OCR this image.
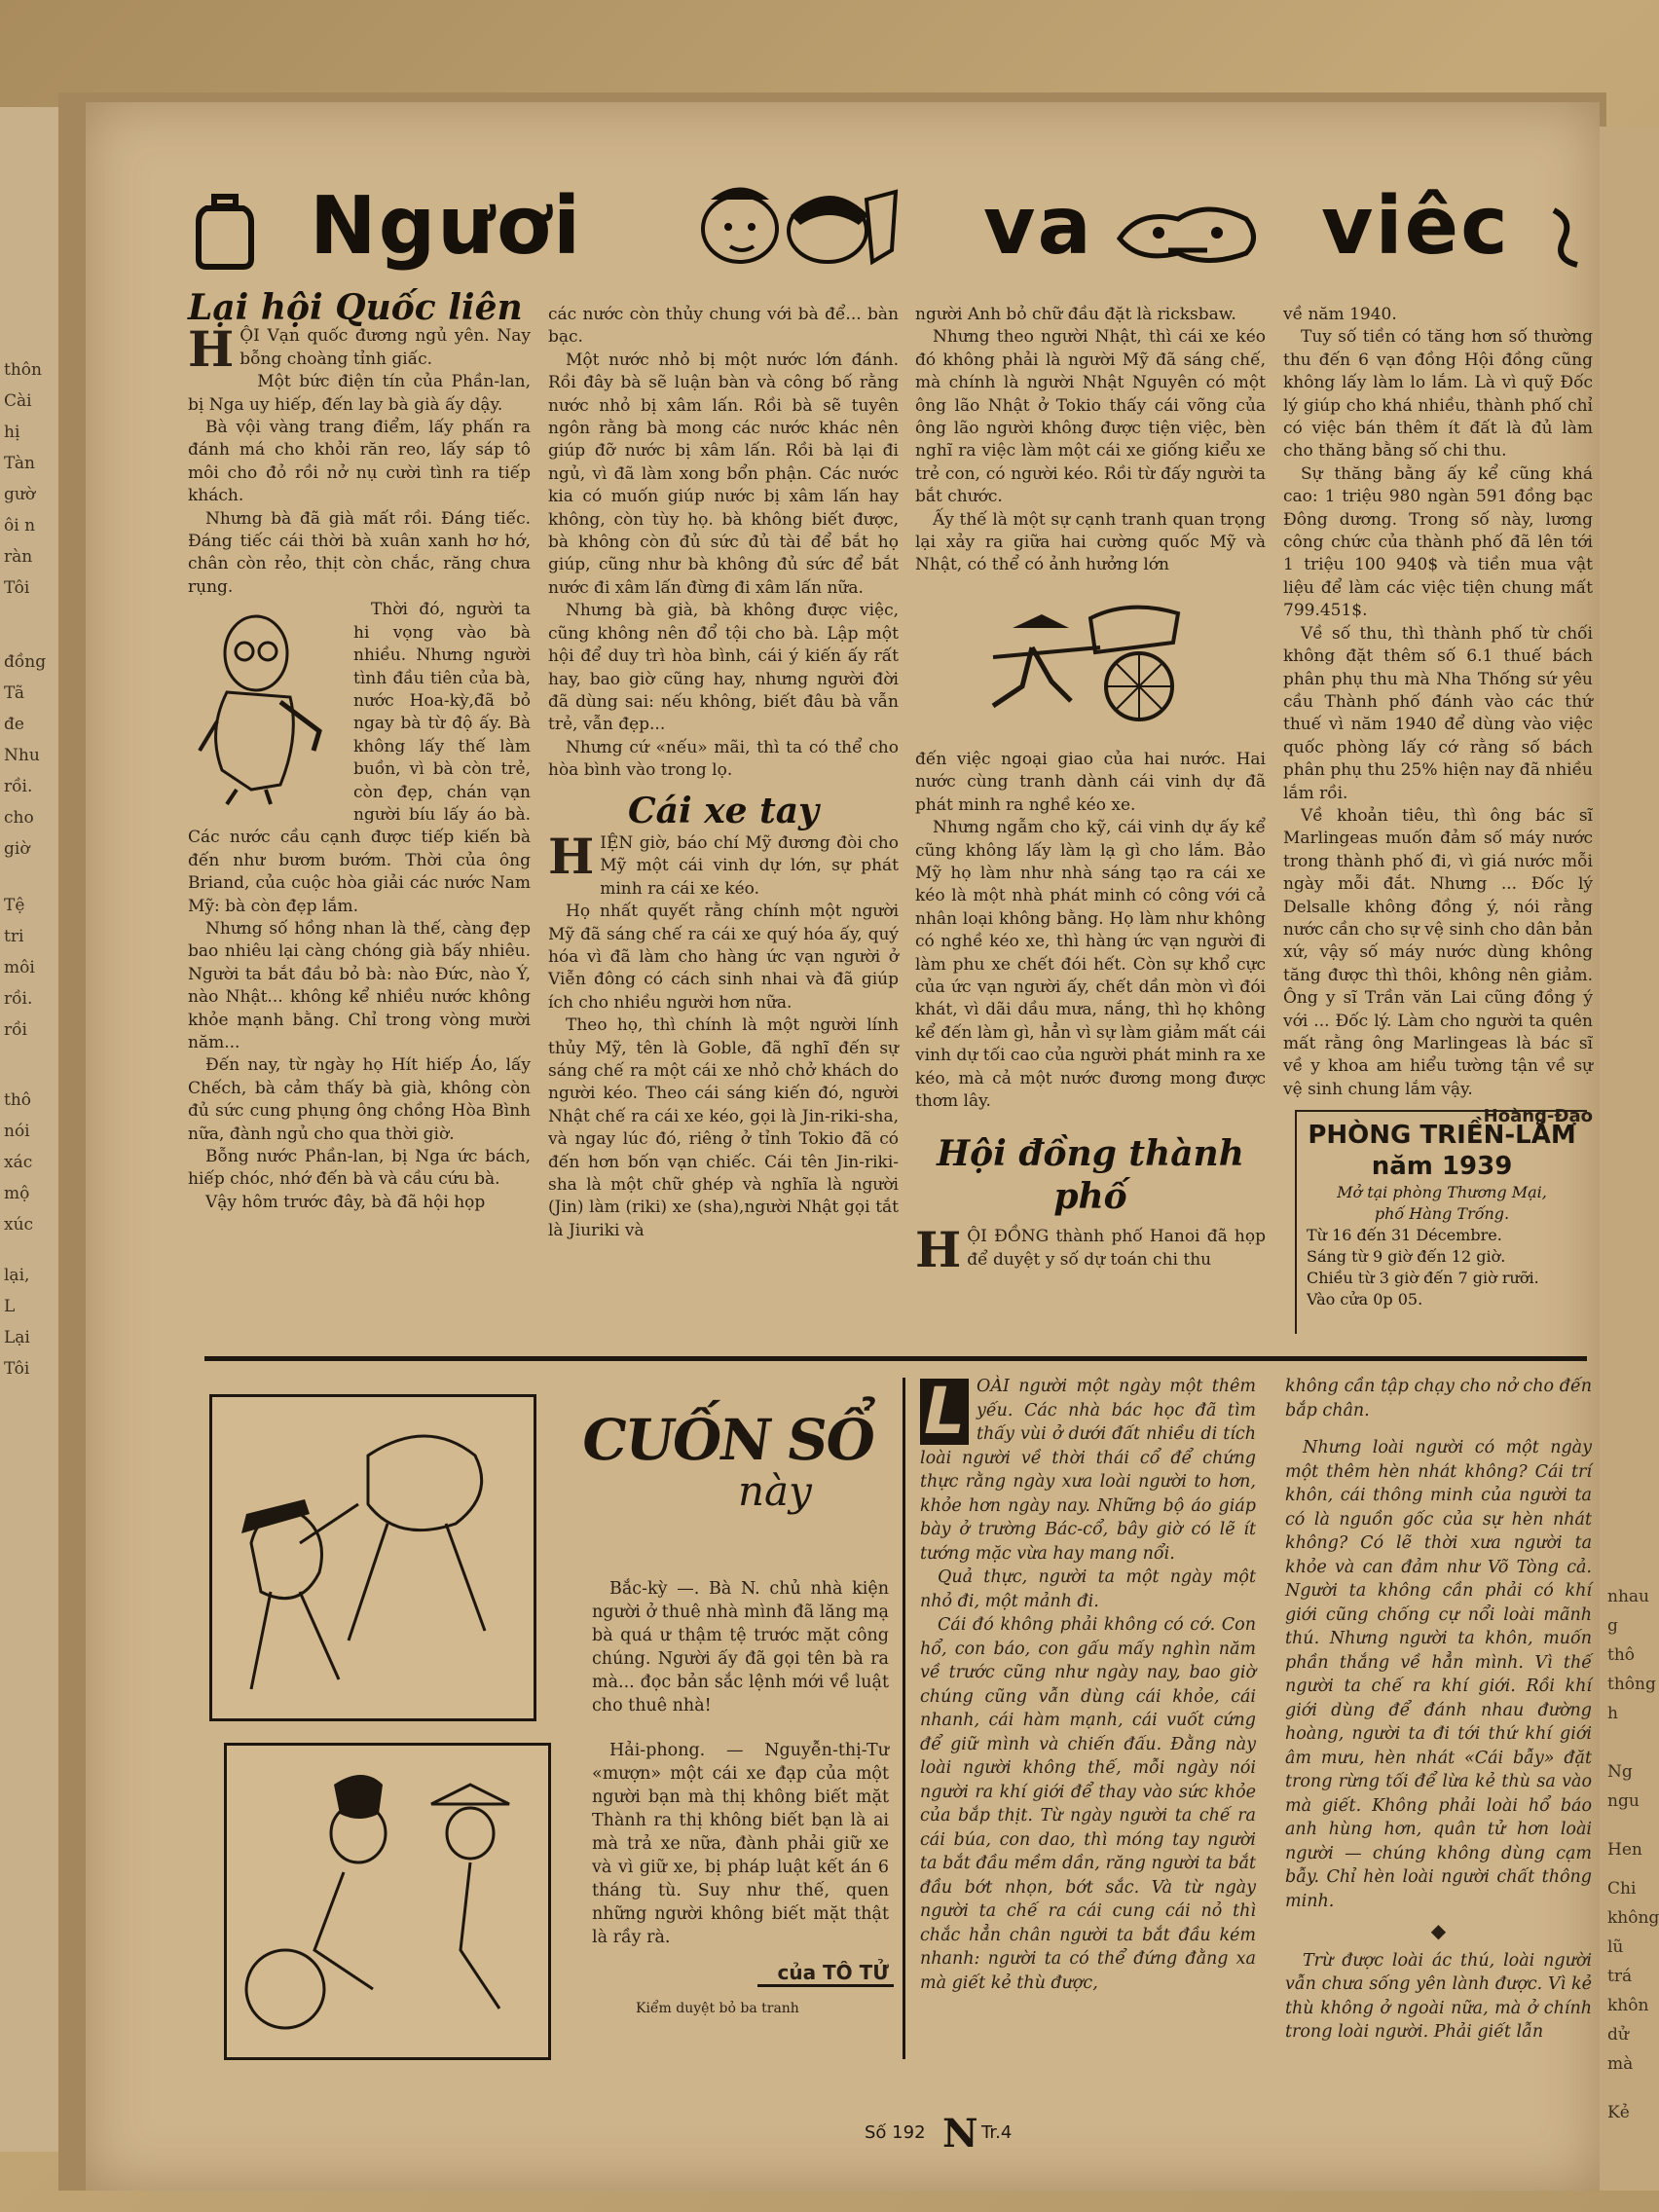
thôn
Cài
hị
Tàn
gườ
ôi n
ràn
Tôi
đồng
Tã
đe
Nhu
rồi.
cho
giờ
Tệ
tri
môi
rồi.
rồi
thô
nói
xác
mộ
xúc
lại,
L
Lại
Tôi
nhau
g
thô
thông
h
Ng
ngu
Hen
Chi
không
lũ
trá
khôn
dử
mà
Kẻ
Ngươi	va	viêc
Lại hội Quốc liên
H ỘI Vạn quốc đương ngủ yên. Nay bỗng choàng tỉnh giấc.

Một bức điện tín của Phần-lan, bị Nga uy hiếp, đến lay bà già ấy dậy.

Bà vội vàng trang điểm, lấy phấn ra đánh má cho khỏi răn reo, lấy sáp tô môi cho đỏ rồi nở nụ cười tình ra tiếp khách.

Nhưng bà đã già mất rồi. Đáng tiếc. Đáng tiếc cái thời bà xuân xanh hơ hớ, chân còn rẻo, thịt còn chắc, răng chưa rụng.

Thời đó, người ta hi vọng vào bà nhiều. Nhưng người tình đầu tiên của bà, nước Hoa-kỳ,đã bỏ ngay bà từ độ ấy. Bà không lấy thế làm buồn, vì bà còn trẻ, còn đẹp, chán vạn người bíu lấy áo bà. Các nước cầu cạnh được tiếp kiến bà đến như bươm bướm. Thời của ông Briand, của cuộc hòa giải các nước Nam Mỹ: bà còn đẹp lắm.

Nhưng số hồng nhan là thế, càng đẹp bao nhiêu lại càng chóng già bấy nhiêu. Người ta bắt đầu bỏ bà: nào Đức, nào Ý, nào Nhật... không kể nhiều nước không khỏe mạnh bằng. Chỉ trong vòng mười năm...

Đến nay, từ ngày họ Hít hiếp Áo, lấy Chếch, bà cảm thấy bà già, không còn đủ sức cung phụng ông chồng Hòa Bình nữa, đành ngủ cho qua thời giờ.

Bỗng nước Phần-lan, bị Nga ức bách, hiếp chóc, nhớ đến bà và cầu cứu bà.

Vậy hôm trước đây, bà đã hội họp

các nước còn thủy chung với bà để... bàn bạc.

Một nước nhỏ bị một nước lớn đánh. Rồi đây bà sẽ luận bàn và công bố rằng nước nhỏ bị xâm lấn. Rồi bà sẽ tuyên ngôn rằng bà mong các nước khác nên giúp đỡ nước bị xâm lấn. Rồi bà lại đi ngủ, vì đã làm xong bổn phận. Các nước kia có muốn giúp nước bị xâm lấn hay không, còn tùy họ. bà không biết được, bà không còn đủ sức đủ tài để bắt họ giúp, cũng như bà không đủ sức để bắt nước đi xâm lấn đừng đi xâm lấn nữa.

Nhưng bà già, bà không được việc, cũng không nên đổ tội cho bà. Lập một hội để duy trì hòa bình, cái ý kiến ấy rất hay, bao giờ cũng hay, nhưng người đời đã dùng sai: nếu không, biết đâu bà vẫn trẻ, vẫn đẹp...

Nhưng cứ «nếu» mãi, thì ta có thể cho hòa bình vào trong lọ.

Cái xe tay
H IỆN giờ, báo chí Mỹ đương đòi cho Mỹ một cái vinh dự lớn, sự phát minh ra cái xe kéo.

Họ nhất quyết rằng chính một người Mỹ đã sáng chế ra cái xe quý hóa ấy, quý hóa vì đã làm cho hàng ức vạn người ở Viễn đông có cách sinh nhai và đã giúp ích cho nhiều người hơn nữa.

Theo họ, thì chính là một người lính thủy Mỹ, tên là Goble, đã nghĩ đến sự sáng chế ra một cái xe nhỏ chở khách do người kéo. Theo cái sáng kiến đó, người Nhật chế ra cái xe kéo, gọi là Jin-riki-sha, và ngay lúc đó, riêng ở tỉnh Tokio đã có đến hơn bốn vạn chiếc. Cái tên Jin-riki-sha là một chữ ghép và nghĩa là người (Jin) làm (riki) xe (sha),người Nhật gọi tắt là Jiuriki và

người Anh bỏ chữ đầu đặt là ricksbaw.

Nhưng theo người Nhật, thì cái xe kéo đó không phải là người Mỹ đã sáng chế, mà chính là người Nhật Nguyên có một ông lão Nhật ở Tokio thấy cái võng của ông lão người không được tiện việc, bèn nghĩ ra việc làm một cái xe giống kiểu xe trẻ con, có người kéo. Rồi từ đấy người ta bắt chước.

Ấy thế là một sự cạnh tranh quan trọng lại xảy ra giữa hai cường quốc Mỹ và Nhật, có thể có ảnh hưởng lớn

đến việc ngoại giao của hai nước. Hai nước cùng tranh dành cái vinh dự đã phát minh ra nghề kéo xe.

Nhưng ngẫm cho kỹ, cái vinh dự ấy kể cũng không lấy làm lạ gì cho lắm. Bảo Mỹ họ làm như nhà sáng tạo ra cái xe kéo là một nhà phát minh có công với cả nhân loại không bằng. Họ làm như không có nghề kéo xe, thì hàng ức vạn người đi làm phu xe chết đói hết. Còn sự khổ cực của ức vạn người ấy, chết dần mòn vì đói khát, vì dãi dầu mưa, nắng, thì họ không kể đến làm gì, hẳn vì sự làm giảm mất cái vinh dự tối cao của người phát minh ra xe kéo, mà cả một nước đương mong được thơm lây.

Hội đồng thành phố
H ỘI ĐỒNG thành phố Hanoi đã họp để duyệt y số dự toán chi thu

về năm 1940.

Tuy số tiền có tăng hơn số thường thu đến 6 vạn đồng Hội đồng cũng không lấy làm lo lắm. Là vì quỹ Đốc lý giúp cho khá nhiều, thành phố chỉ có việc bán thêm ít đất là đủ làm cho thăng bằng số chi thu.

Sự thăng bằng ấy kể cũng khá cao: 1 triệu 980 ngàn 591 đồng bạc Đông dương. Trong số này, lương công chức của thành phố đã lên tới 1 triệu 100 940$ và tiền mua vật liệu để làm các việc tiện chung mất 799.451$.

Về số thu, thì thành phố từ chối không đặt thêm số 6.1 thuế bách phân phụ thu mà Nha Thống sứ yêu cầu Thành phố đánh vào các thứ thuế vì năm 1940 để dùng vào việc quốc phòng lấy cớ rằng số bách phân phụ thu 25% hiện nay đã nhiều lắm rồi.

Về khoản tiêu, thì ông bác sĩ Marlingeas muốn đảm số máy nước trong thành phố đi, vì giá nước mỗi ngày mỗi đắt. Nhưng ... Đốc lý Delsalle không đồng ý, nói rằng nước cần cho sự vệ sinh cho dân bản xứ, vậy số máy nước dùng không tăng được thì thôi, không nên giảm. Ông y sĩ Trần văn Lai cũng đồng ý với ... Đốc lý. Làm cho người ta quên mất rằng ông Marlingeas là bác sĩ về y khoa am hiểu tường tận về sự vệ sinh chung lắm vậy.

Hoàng-Đạo
PHÒNG TRIỀN-LÃM
năm 1939
Mở tại phòng Thương Mại,
phố Hàng Trống.
Từ 16 đến 31 Décembre.
Sáng từ 9 giờ đến 12 giờ.
Chiều từ 3 giờ đến 7 giờ rưỡi.
Vào cửa 0p 05.
CUỐN SỔ
này

Bắc-kỳ —. Bà N. chủ nhà kiện người ở thuê nhà mình đã lăng mạ bà quá ư thậm tệ trước mặt công chúng. Người ấy đã gọi tên bà ra mà... đọc bản sắc lệnh mới về luật cho thuê nhà!

Hải-phong. — Nguyễn-thị-Tư «mượn» một cái xe đạp của một người bạn mà thị không biết mặt Thành ra thị không biết bạn là ai mà trả xe nữa, đành phải giữ xe và vì giữ xe, bị pháp luật kết án 6 tháng tù. Suy như thế, quen những người không biết mặt thật là rầy rà.

của TÔ TỬ
Kiểm duyệt bỏ ba tranh
L OÀI người một ngày một thêm yếu. Các nhà bác học đã tìm thấy vùi ở dưới đất nhiều di tích loài người về thời thái cổ để chứng thực rằng ngày xưa loài người to hơn, khỏe hơn ngày nay. Những bộ áo giáp bày ở trường Bác-cổ, bây giờ có lẽ ít tướng mặc vừa hay mang nổi.

Quả thực, người ta một ngày một nhỏ đi, một mảnh đi.

Cái đó không phải không có cớ. Con hổ, con báo, con gấu mấy nghìn năm về trước cũng như ngày nay, bao giờ chúng cũng vẫn dùng cái khỏe, cái nhanh, cái hàm mạnh, cái vuốt cứng để giữ mình và chiến đấu. Đằng này loài người không thế, mỗi ngày nói người ra khí giới để thay vào sức khỏe của bắp thịt. Từ ngày người ta chế ra cái búa, con dao, thì móng tay người ta bắt đầu mềm dần, răng người ta bắt đầu bớt nhọn, bớt sắc. Và từ ngày người ta chế ra cái cung cái nỏ thì chắc hẳn chân người ta bắt đầu kém nhanh: người ta có thể đứng đằng xa mà giết kẻ thù được,

không cần tập chạy cho nở cho đến bắp chân.

Nhưng loài người có một ngày một thêm hèn nhát không? Cái trí khôn, cái thông minh của người ta có là nguồn gốc của sự hèn nhát không? Có lẽ thời xưa người ta khỏe và can đảm như Võ Tòng cả. Người ta không cần phải có khí giới cũng chống cự nổi loài mãnh thú. Nhưng người ta khôn, muốn phần thắng về hẳn mình. Vì thế người ta chế ra khí giới. Rồi khí giới dùng để đánh nhau đường hoàng, người ta đi tới thứ khí giới âm mưu, hèn nhát «Cái bẫy» đặt trong rừng tối để lừa kẻ thù sa vào mà giết. Không phải loài hổ báo anh hùng hơn, quân tử hơn loài người — chúng không dùng cạm bẫy. Chỉ hèn loài người chất thông minh.

◆

Trừ được loài ác thú, loài người vẫn chưa sống yên lành được. Vì kẻ thù không ở ngoài nữa, mà ở chính trong loài người. Phải giết lẫn

Số 192 N Tr.4
